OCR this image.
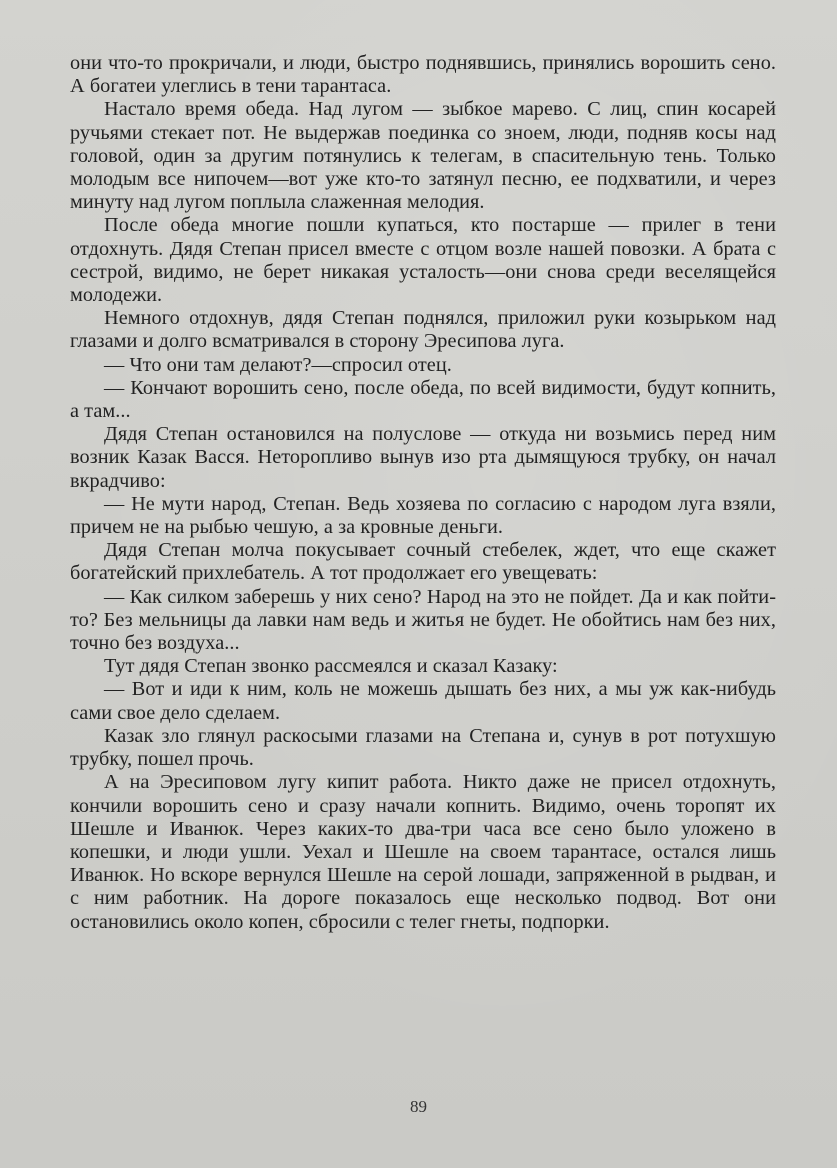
они что-то прокричали, и люди, быстро поднявшись, принялись ворошить сено. А богатеи улеглись в тени тарантаса.

Настало время обеда. Над лугом — зыбкое марево. С лиц, спин косарей ручьями стекает пот. Не выдержав поединка со зноем, люди, подняв косы над головой, один за другим потянулись к телегам, в спасительную тень. Только молодым все нипочем—вот уже кто-то затянул песню, ее подхватили, и через минуту над лугом поплыла слаженная мелодия.

После обеда многие пошли купаться, кто постарше — прилег в тени отдохнуть. Дядя Степан присел вместе с отцом возле нашей повозки. А брата с сестрой, видимо, не берет никакая усталость—они снова среди веселящейся молодежи.

Немного отдохнув, дядя Степан поднялся, приложил руки козырьком над глазами и долго всматривался в сторону Эресипова луга.

— Что они там делают?—спросил отец.

— Кончают ворошить сено, после обеда, по всей видимости, будут копнить, а там...

Дядя Степан остановился на полуслове — откуда ни возьмись перед ним возник Казак Васся. Неторопливо вынув изо рта дымящуюся трубку, он начал вкрадчиво:

— Не мути народ, Степан. Ведь хозяева по согласию с народом луга взяли, причем не на рыбью чешую, а за кровные деньги.

Дядя Степан молча покусывает сочный стебелек, ждет, что еще скажет богатейский прихлебатель. А тот продолжает его увещевать:

— Как силком заберешь у них сено? Народ на это не пойдет. Да и как пойти-то? Без мельницы да лавки нам ведь и житья не будет. Не обойтись нам без них, точно без воздуха...

Тут дядя Степан звонко рассмеялся и сказал Казаку:

— Вот и иди к ним, коль не можешь дышать без них, а мы уж как-нибудь сами свое дело сделаем.

Казак зло глянул раскосыми глазами на Степана и, сунув в рот потухшую трубку, пошел прочь.

А на Эресиповом лугу кипит работа. Никто даже не присел отдохнуть, кончили ворошить сено и сразу начали копнить. Видимо, очень торопят их Шешле и Иванюк. Через каких-то два-три часа все сено было уложено в копешки, и люди ушли. Уехал и Шешле на своем тарантасе, остался лишь Иванюк. Но вскоре вернулся Шешле на серой лошади, запряженной в рыдван, и с ним работник. На дороге показалось еще несколько подвод. Вот они остановились около копен, сбросили с телег гнеты, подпорки.

89
